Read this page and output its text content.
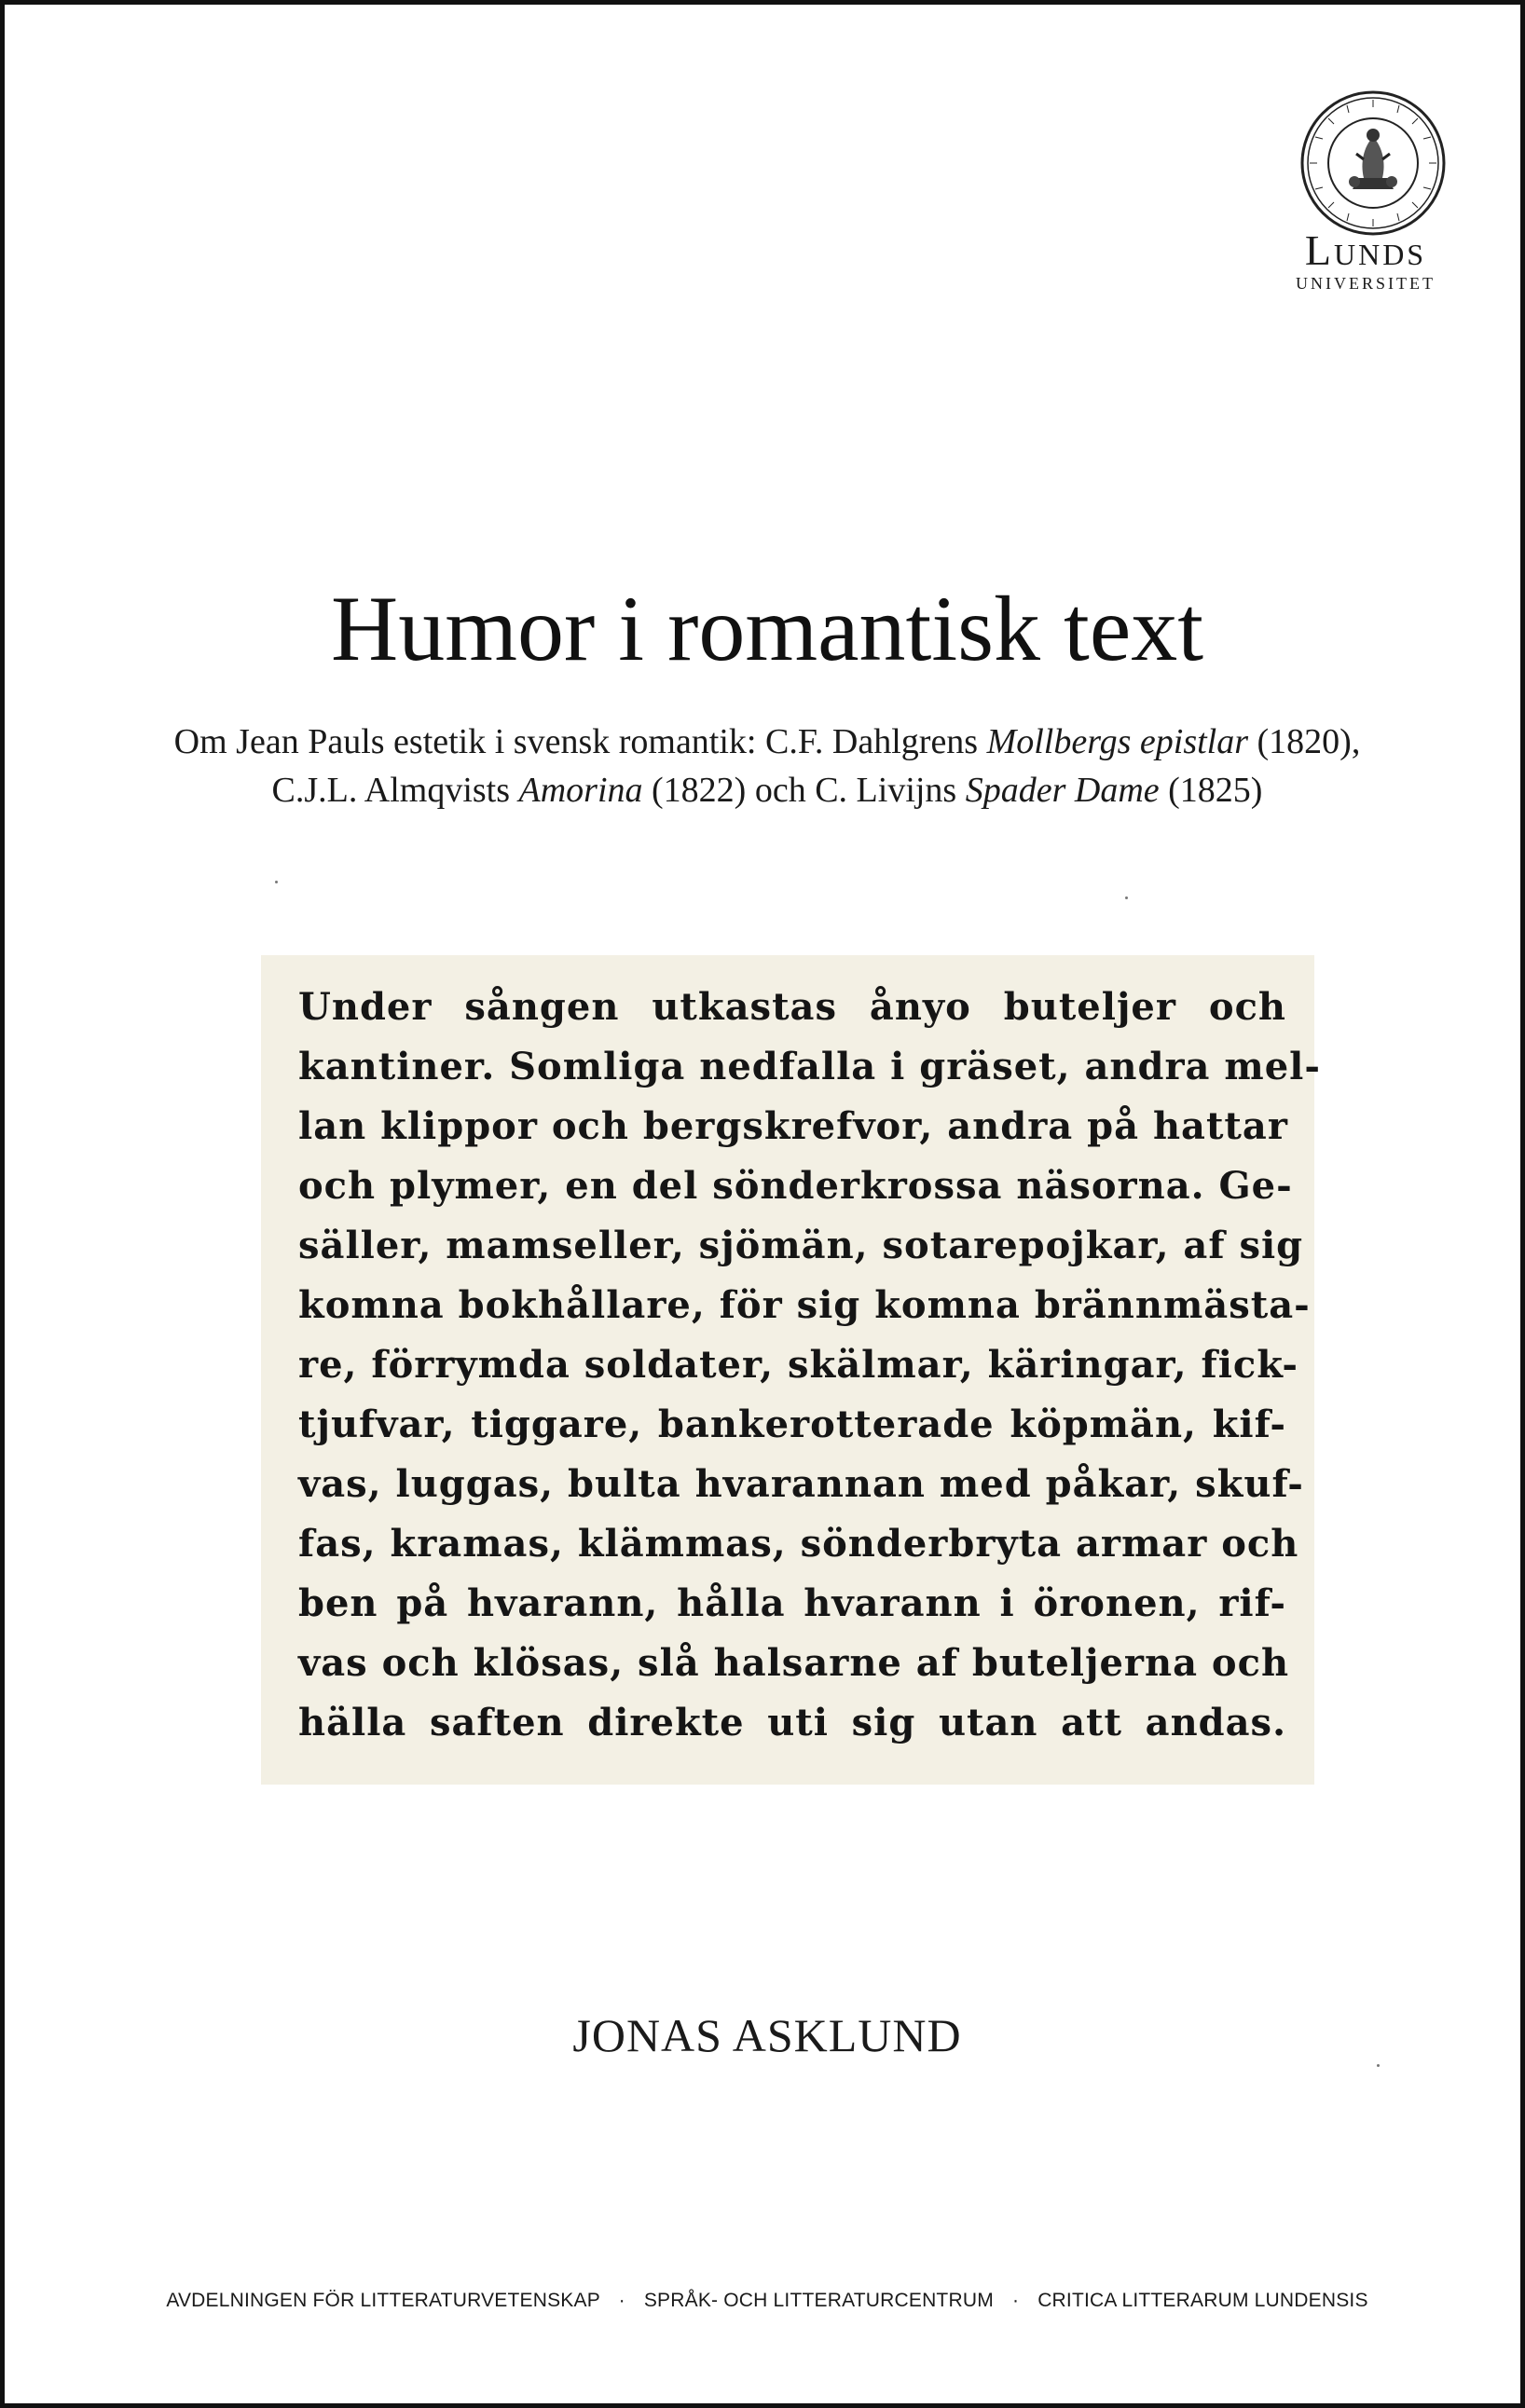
Lunds
UNIVERSITET
Humor i romantisk text
Om Jean Pauls estetik i svensk romantik: C.F. Dahlgrens Mollbergs epistlar (1820),
C.J.L. Almqvists Amorina (1822) och C. Livijns Spader Dame (1825)
Under sången utkastas ånyo buteljer och
kantiner. Somliga nedfalla i gräset, andra mel-
lan klippor och bergskrefvor, andra på hattar
och plymer, en del sönderkrossa näsorna. Ge-
säller, mamseller, sjömän, sotarepojkar, af sig
komna bokhållare, för sig komna brännmästa-
re, förrymda soldater, skälmar, käringar, fick-
tjufvar, tiggare, bankerotterade köpmän, kif-
vas, luggas, bulta hvarannan med påkar, skuf-
fas, kramas, klämmas, sönderbryta armar och
ben på hvarann, hålla hvarann i öronen, rif-
vas och klösas, slå halsarne af buteljerna och
hälla saften direkte uti sig utan att andas.
JONAS ASKLUND
AVDELNINGEN FÖR LITTERATURVETENSKAP · SPRÅK- OCH LITTERATURCENTRUM · CRITICA LITTERARUM LUNDENSIS
